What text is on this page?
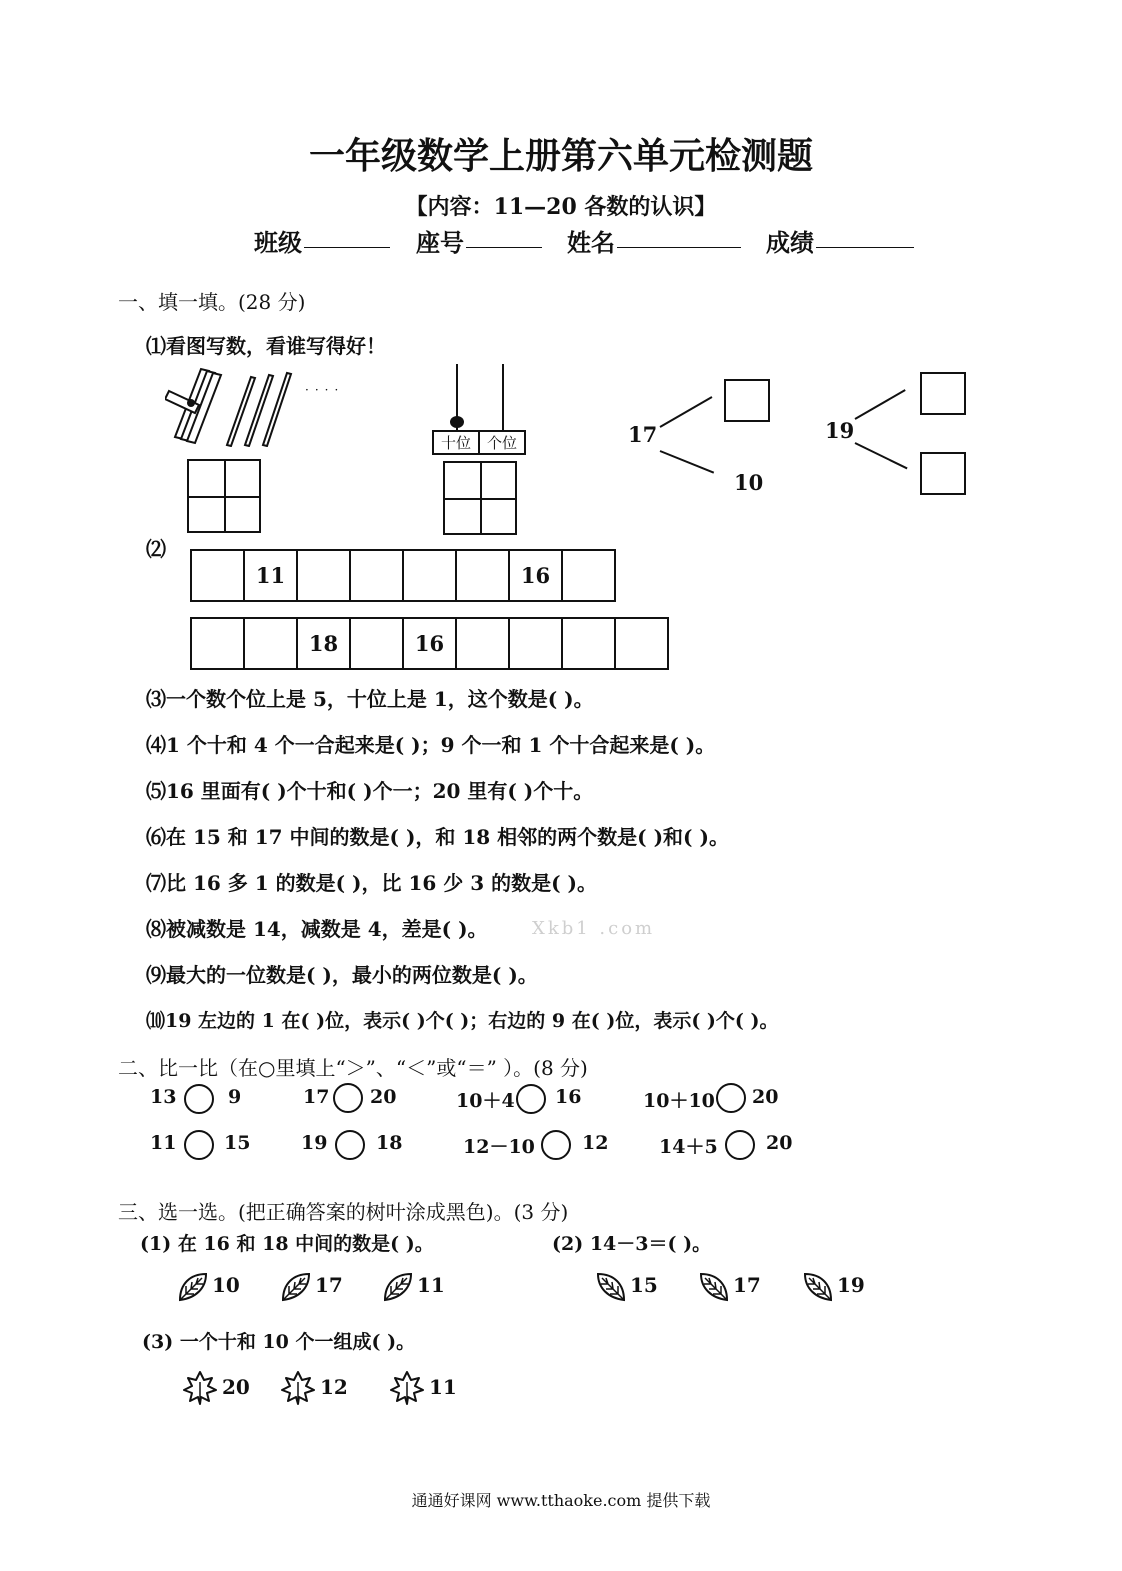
一年级数学上册第六单元检测题
【内容：11—20 各数的认识】
班级	座号	姓名	成绩
一、填一填。(28 分)
⑴看图写数，看谁写得好！
····
十位	个位	17
10
19
⑵
11	16
18	16
⑶一个数个位上是 5，十位上是 1，这个数是( )。
⑷1 个十和 4 个一合起来是( )；9 个一和 1 个十合起来是( )。
⑸16 里面有( )个十和( )个一；20 里有( )个十。
⑹在 15 和 17 中间的数是( )，和 18 相邻的两个数是( )和( )。
⑺比 16 多 1 的数是( )，比 16 少 3 的数是( )。
⑻被减数是 14，减数是 4，差是( )。 Xkb1 .com
⑼最大的一位数是( )，最小的两位数是( )。
⑽19 左边的 1 在( )位，表示( )个( )；右边的 9 在( )位，表示( )个( )。
二、比一比（在○里填上“＞”、“＜”或“＝” ）。(8 分)
13	9	17 20	10＋4 16	10＋10 20
11	15	19	18	12－10 12	14＋5	20
三、选一选。(把正确答案的树叶涂成黑色)。(3 分)
(1) 在 16 和 18 中间的数是( )。	(2) 14－3＝( )。
10	17	11	15	17	19
(3) 一个十和 10 个一组成( )。
20	12	11
通通好课网 www.tthaoke.com 提供下载
